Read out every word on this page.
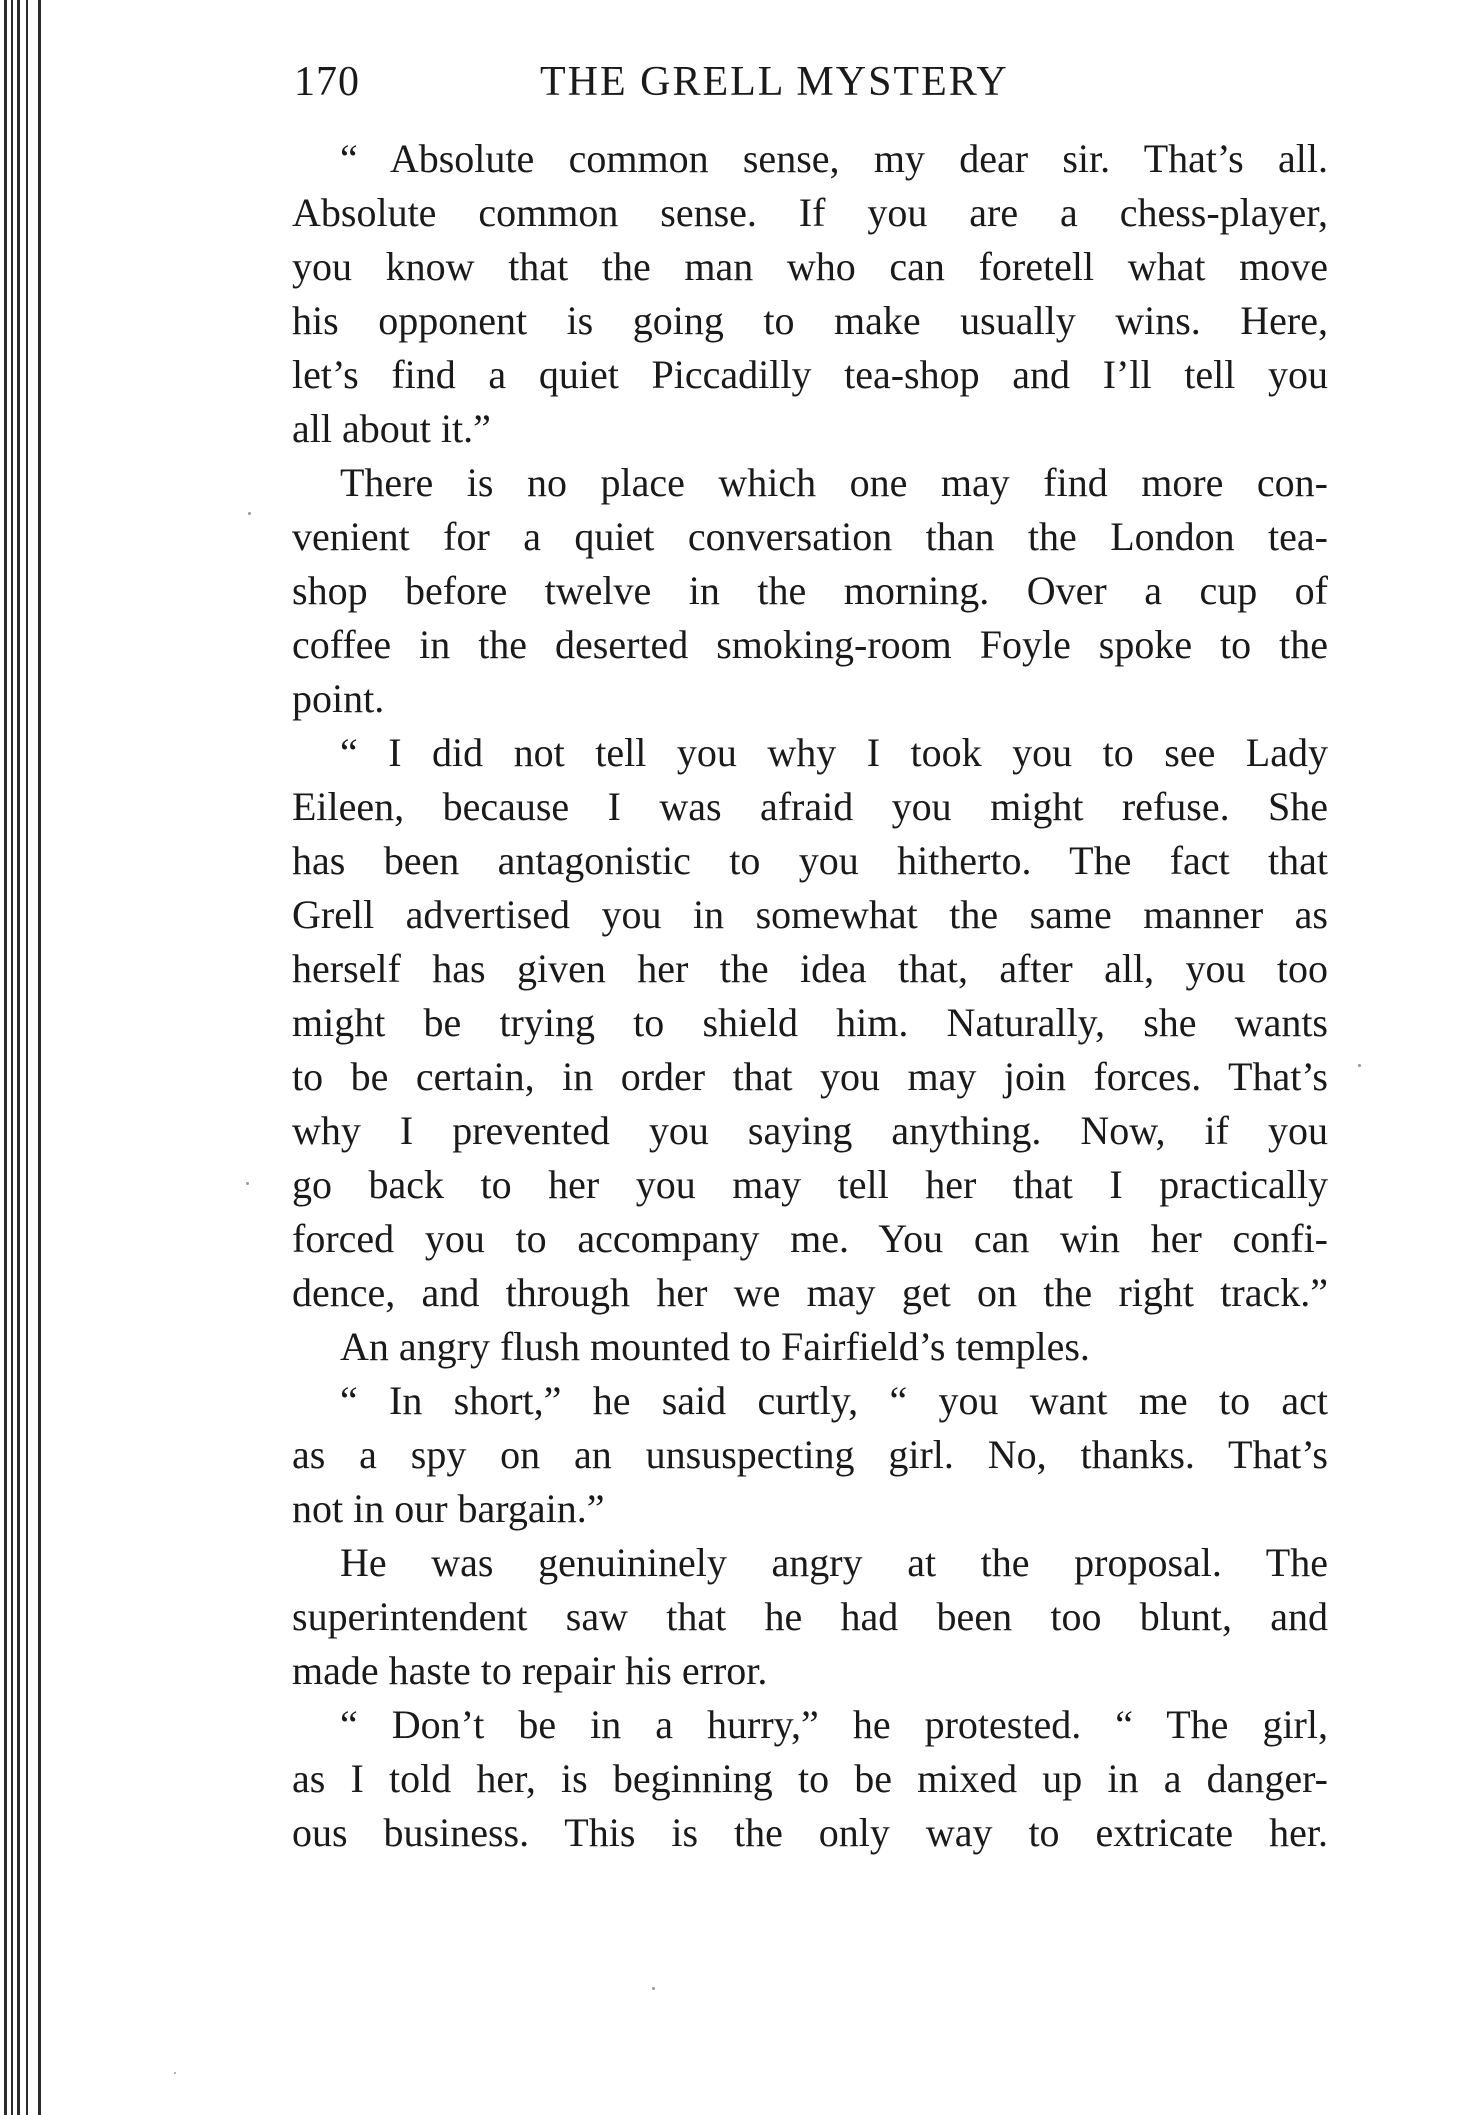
170	THE GRELL MYSTERY
“ Absolute common sense, my dear sir. That’s all.
Absolute common sense. If you are a chess-player,
you know that the man who can foretell what move
his opponent is going to make usually wins. Here,
let’s find a quiet Piccadilly tea-shop and I’ll tell you
all about it.”
There is no place which one may find more con-
venient for a quiet conversation than the London tea-
shop before twelve in the morning. Over a cup of
coffee in the deserted smoking-room Foyle spoke to the
point.
“ I did not tell you why I took you to see Lady
Eileen, because I was afraid you might refuse. She
has been antagonistic to you hitherto. The fact that
Grell advertised you in somewhat the same manner as
herself has given her the idea that, after all, you too
might be trying to shield him. Naturally, she wants
to be certain, in order that you may join forces. That’s
why I prevented you saying anything. Now, if you
go back to her you may tell her that I practically
forced you to accompany me. You can win her confi-
dence, and through her we may get on the right track.”
An angry flush mounted to Fairfield’s temples.
“ In short,” he said curtly, “ you want me to act
as a spy on an unsuspecting girl. No, thanks. That’s
not in our bargain.”
He was genuininely angry at the proposal. The
superintendent saw that he had been too blunt, and
made haste to repair his error.
“ Don’t be in a hurry,” he protested. “ The girl,
as I told her, is beginning to be mixed up in a danger-
ous business. This is the only way to extricate her.
